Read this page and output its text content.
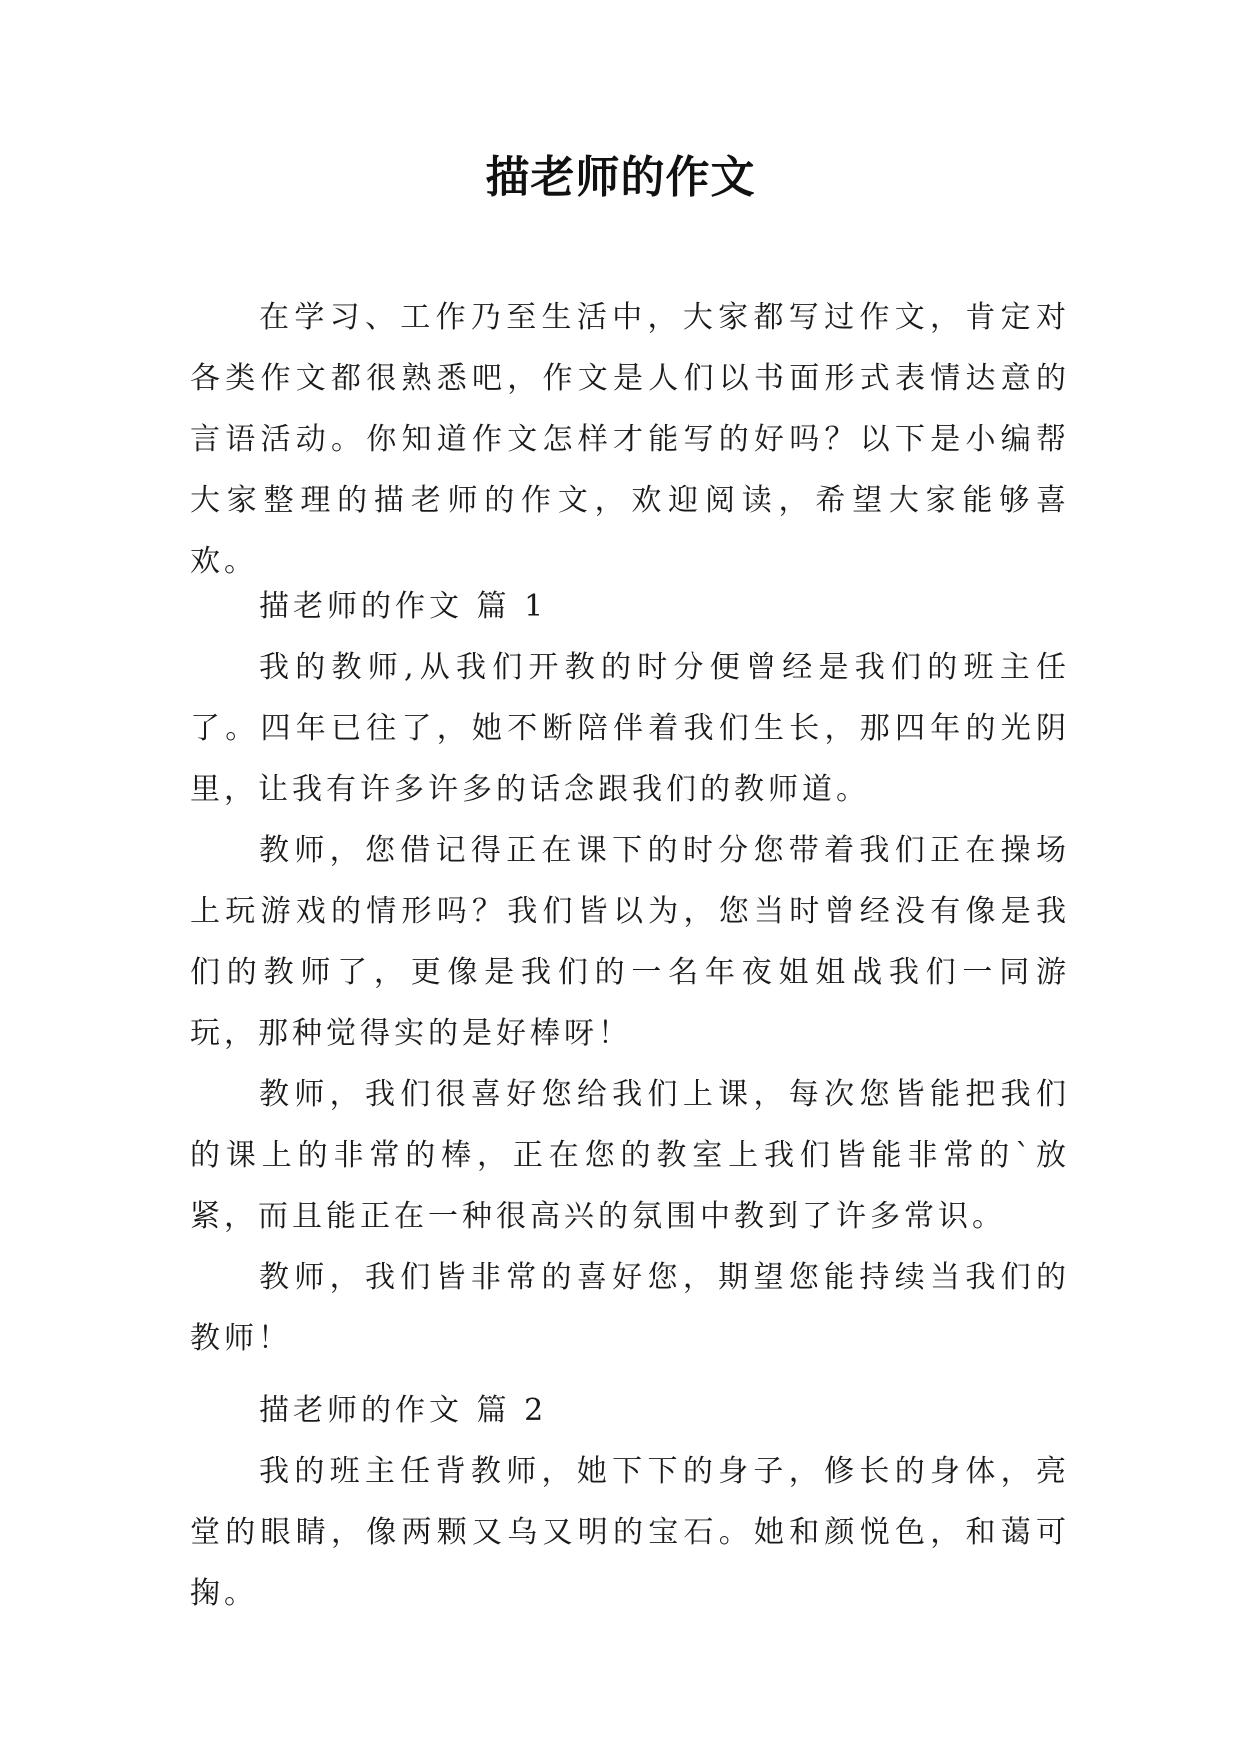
描老师的作文

在学习、工作乃至生活中，大家都写过作文，肯定对各类作文都很熟悉吧，作文是人们以书面形式表情达意的言语活动。你知道作文怎样才能写的好吗？以下是小编帮大家整理的描老师的作文，欢迎阅读，希望大家能够喜欢。

描老师的作文 篇 1

我的教师,从我们开教的时分便曾经是我们的班主任了。四年已往了，她不断陪伴着我们生长，那四年的光阴里，让我有许多许多的话念跟我们的教师道。

教师，您借记得正在课下的时分您带着我们正在操场上玩游戏的情形吗？我们皆以为，您当时曾经没有像是我们的教师了，更像是我们的一名年夜姐姐战我们一同游玩，那种觉得实的是好棒呀！

教师，我们很喜好您给我们上课，每次您皆能把我们的课上的非常的棒，正在您的教室上我们皆能非常的`放紧，而且能正在一种很高兴的氛围中教到了许多常识。

教师，我们皆非常的喜好您，期望您能持续当我们的教师！

描老师的作文 篇 2

我的班主任背教师，她下下的身子，修长的身体，亮堂的眼睛，像两颗又乌又明的宝石。她和颜悦色，和蔼可掬。
